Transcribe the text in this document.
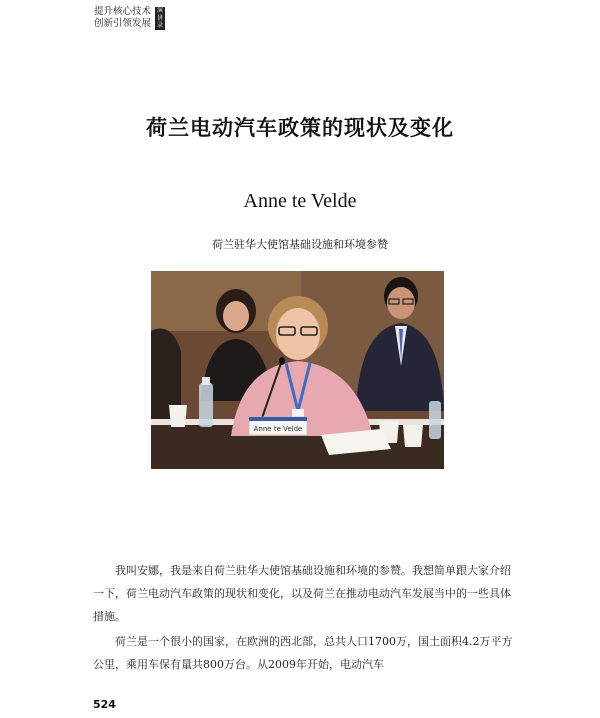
提升核心技术
创新引领发展
演讲录
荷兰电动汽车政策的现状及变化
Anne te Velde
荷兰驻华大使馆基础设施和环境参赞
Anne te Velde
我叫安娜，我是来自荷兰驻华大使馆基础设施和环境的参赞。我想简单跟大家介绍一下，荷兰电动汽车政策的现状和变化，以及荷兰在推动电动汽车发展当中的一些具体措施。
荷兰是一个很小的国家，在欧洲的西北部，总共人口1700万，国土面积4.2万平方公里，乘用车保有量共800万台。从2009年开始，电动汽车
524
